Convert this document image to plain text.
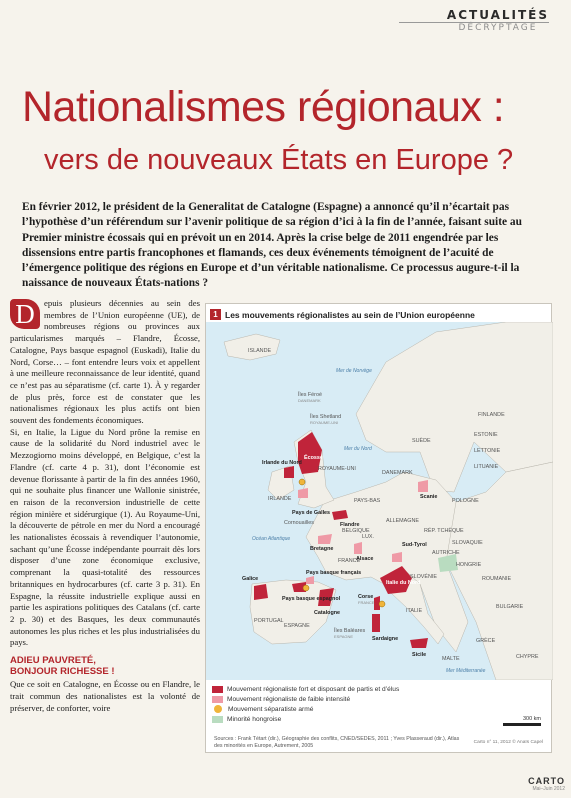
ACTUALITÉS
DÉCRYPTAGE
Nationalismes régionaux :
vers de nouveaux États en Europe ?
En février 2012, le président de la Generalitat de Catalogne (Espagne) a annoncé qu’il n’écartait pas l’hypothèse d’un référendum sur l’avenir politique de sa région d’ici à la fin de l’année, faisant suite au Premier ministre écossais qui en prévoit un en 2014. Après la crise belge de 2011 engendrée par les dissensions entre partis francophones et flamands, ces deux événements témoignent de l’acuité de l’émergence politique des régions en Europe et d’un véritable nationalisme. Ce processus augure-t-il la naissance de nouveaux États-nations ?
D	epuis plusieurs décennies au sein des membres de l’Union européenne (UE), de nombreuses régions ou provinces aux particularismes marqués – Flandre, Écosse, Catalogne, Pays basque espagnol (Euskadi), Italie du Nord, Corse… – font entendre leurs voix et appellent à une meilleure reconnaissance de leur identité, quand ce n’est pas au séparatisme (cf. carte 1). À y regarder de plus près, force est de constater que les nationalismes régionaux les plus actifs ont bien souvent des fondements économiques.

Si, en Italie, la Ligue du Nord prône la remise en cause de la solidarité du Nord industriel avec le Mezzogiorno moins développé, en Belgique, c’est la Flandre (cf. carte 4 p. 31), dont l’économie est devenue florissante à partir de la fin des années 1960, qui ne souhaite plus financer une Wallonie sinistrée, en raison de la reconversion industrielle de cette région minière et sidérurgique (1). Au Royaume-Uni, la découverte de pétrole en mer du Nord a encouragé les nationalistes écossais à revendiquer l’autonomie, sachant qu’une Écosse indépendante pourrait dès lors disposer d’une zone économique exclusive, comprenant la quasi-totalité des ressources britanniques en hydrocarbures (cf. carte 3 p. 31). En Espagne, la réussite industrielle explique aussi en partie les aspirations politiques des Catalans (cf. carte 2 p. 30) et des Basques, les deux communautés autonomes les plus riches et les plus industrialisées du pays.

ADIEU PAUVRETÉ,
BONJOUR RICHESSE !

Que ce soit en Catalogne, en Écosse ou en Flandre, le trait commun des nationalistes est la volonté de préserver, de conforter, voire

1 Les mouvements régionalistes au sein de l’Union européenne
ISLANDE
FINLANDE
SUÈDE
ESTONIE
LETTONIE
LITUANIE
DANEMARK
IRLANDE
ROYAUME-UNI
PAYS-BAS
ALLEMAGNE
POLOGNE
BELGIQUE
LUX.
RÉP. TCHÈQUE
SLOVAQUIE
AUTRICHE
HONGRIE
FRANCE
SLOVÉNIE	ROUMANIE
BULGARIE
ITALIE
PORTUGAL
ESPAGNE
GRÈCE
MALTE	CHYPRE
Mer de Norvège
Mer du Nord
Océan Atlantique
Mer Méditerranée
Îles Féroé
DANEMARK
Îles Shetland
ROYAUME-UNI
Écosse
Irlande du Nord
Pays de Galles
Cornouailles
Scanie
Flandre
Bretagne
Alsace
Sud-Tyrol
Italie du Nord
Galice
Pays basque français
Pays basque espagnol
Catalogne
Corse
FRANCE
Sardaigne
Îles Baléares
ESPAGNE
Sicile
Mouvement régionaliste fort et disposant de partis et d’élus
Mouvement régionaliste de faible intensité
Mouvement séparatiste armé
Minorité hongroise	300 km
Sources : Frank Tétart (dir.), Géographie des conflits, CNED/SEDES, 2011 ; Yves Plasseraud (dir.), Atlas des minorités en Europe, Autrement, 2005
Carto n° 11, 2012 © Anaïs Capel
CARTO
Mai–Juin 2012
